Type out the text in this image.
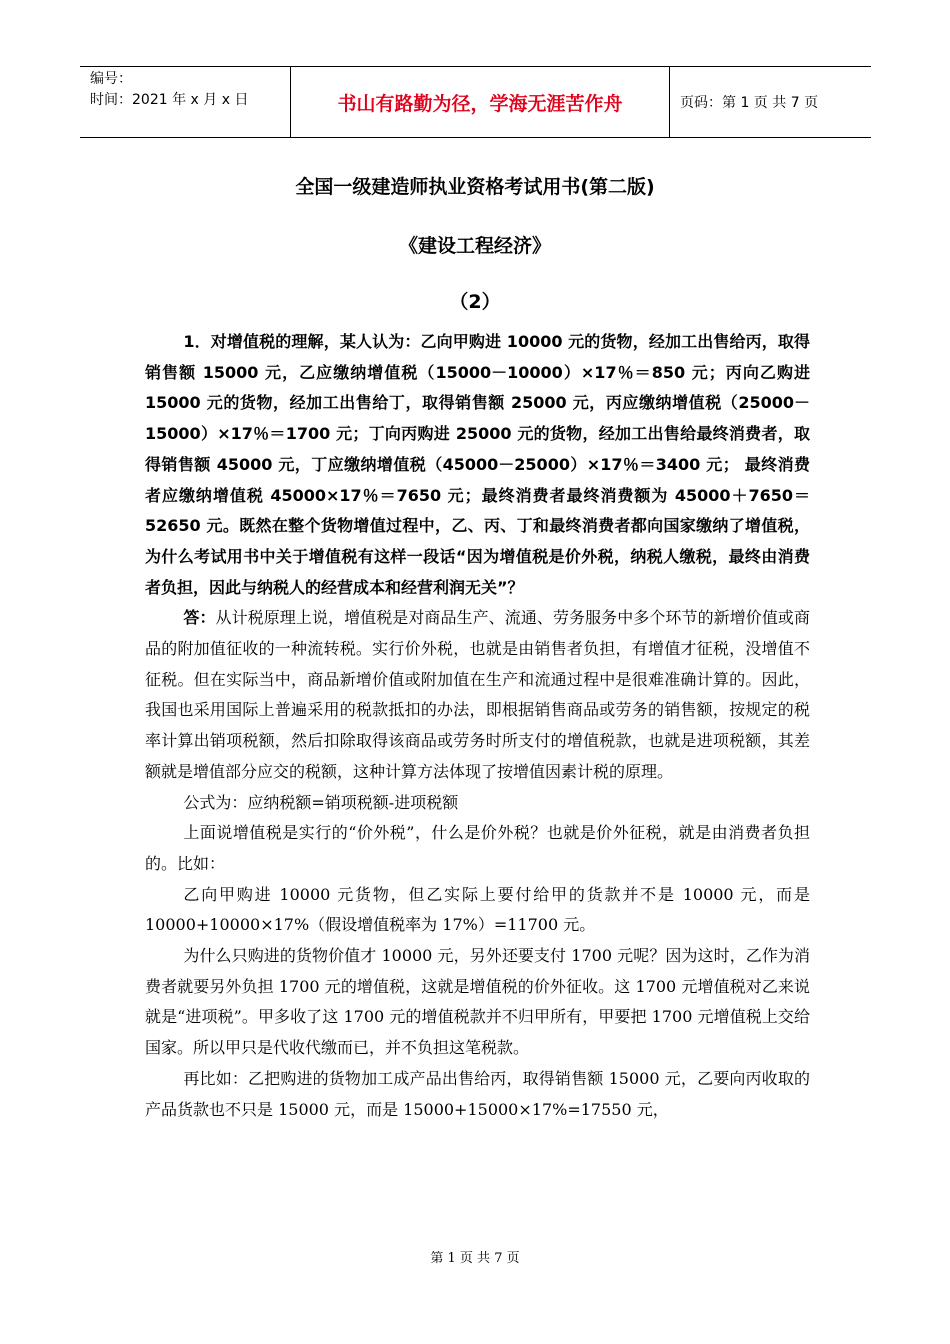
编号：
时间：2021 年 x 月 x 日	书山有路勤为径，学海无涯苦作舟	页码：第 1 页 共 7 页
全国一级建造师执业资格考试用书(第二版)
《建设工程经济》
（2）

1．对增值税的理解，某人认为：乙向甲购进 10000 元的货物，经加工出售给丙，取得销售额 15000 元，乙应缴纳增值税（15000－10000）×17％＝850 元；丙向乙购进 15000 元的货物，经加工出售给丁，取得销售额 25000 元，丙应缴纳增值税（25000－15000）×17％＝1700 元；丁向丙购进 25000 元的货物，经加工出售给最终消费者，取得销售额 45000 元，丁应缴纳增值税（45000－25000）×17％＝3400 元； 最终消费者应缴纳增值税 45000×17％＝7650 元；最终消费者最终消费额为 45000＋7650＝52650 元。既然在整个货物增值过程中，乙、丙、丁和最终消费者都向国家缴纳了增值税，为什么考试用书中关于增值税有这样一段话“因为增值税是价外税，纳税人缴税，最终由消费者负担，因此与纳税人的经营成本和经营利润无关”？

答：从计税原理上说，增值税是对商品生产、流通、劳务服务中多个环节的新增价值或商品的附加值征收的一种流转税。实行价外税，也就是由销售者负担，有增值才征税，没增值不征税。但在实际当中，商品新增价值或附加值在生产和流通过程中是很难准确计算的。因此，我国也采用国际上普遍采用的税款抵扣的办法，即根据销售商品或劳务的销售额，按规定的税率计算出销项税额，然后扣除取得该商品或劳务时所支付的增值税款，也就是进项税额，其差额就是增值部分应交的税额，这种计算方法体现了按增值因素计税的原理。

公式为：应纳税额=销项税额-进项税额

上面说增值税是实行的“价外税”，什么是价外税？也就是价外征税，就是由消费者负担的。比如：

乙向甲购进 10000 元货物，但乙实际上要付给甲的货款并不是 10000 元，而是 10000+10000×17%（假设增值税率为 17%）=11700 元。

为什么只购进的货物价值才 10000 元，另外还要支付 1700 元呢？因为这时，乙作为消费者就要另外负担 1700 元的增值税，这就是增值税的价外征收。这 1700 元增值税对乙来说就是“进项税”。甲多收了这 1700 元的增值税款并不归甲所有，甲要把 1700 元增值税上交给国家。所以甲只是代收代缴而已，并不负担这笔税款。

再比如：乙把购进的货物加工成产品出售给丙，取得销售额 15000 元，乙要向丙收取的产品货款也不只是 15000 元，而是 15000+15000×17%=17550 元，

第 1 页 共 7 页
